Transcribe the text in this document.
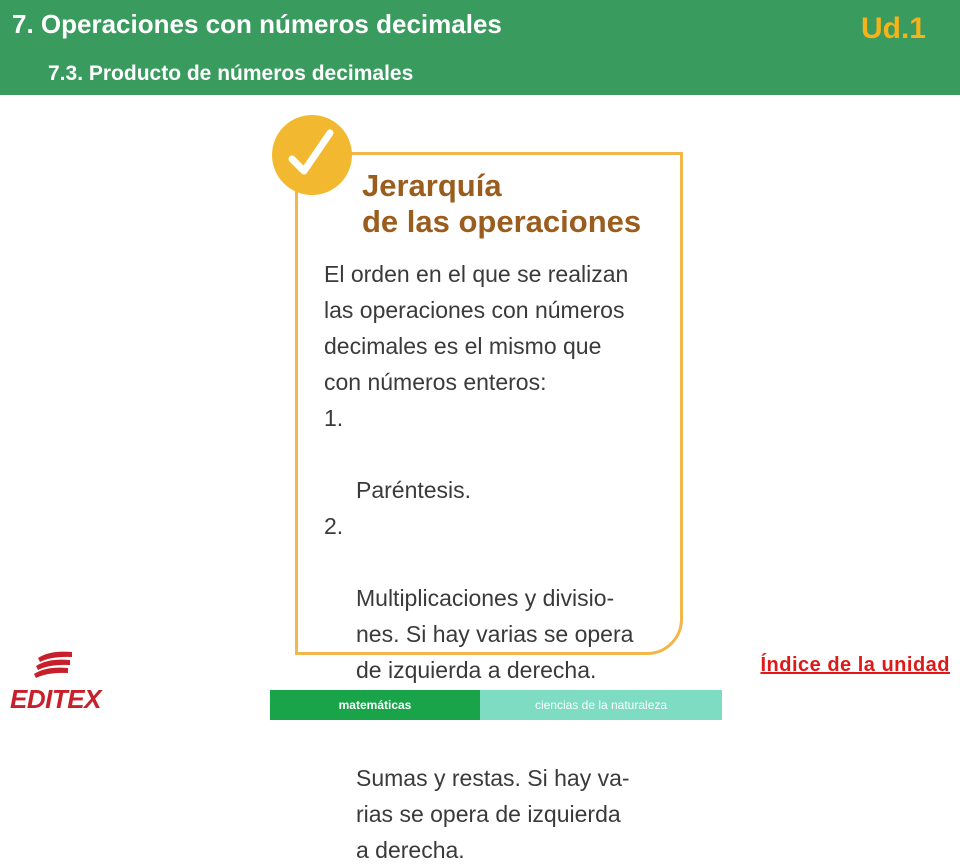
7. Operaciones con números decimales
7.3. Producto de números decimales
Ud.1
Jerarquía
de las operaciones
El orden en el que se realizan
las operaciones con números
decimales es el mismo que
con números enteros:

1.

Paréntesis.

2.

Multiplicaciones y divisio-
nes. Si hay varias se opera
de izquierda a derecha.

Sumas y restas. Si hay va-
rias se opera de izquierda
a derecha.

Índice de la unidad
EDITEX	matemáticas	ciencias de la naturaleza
